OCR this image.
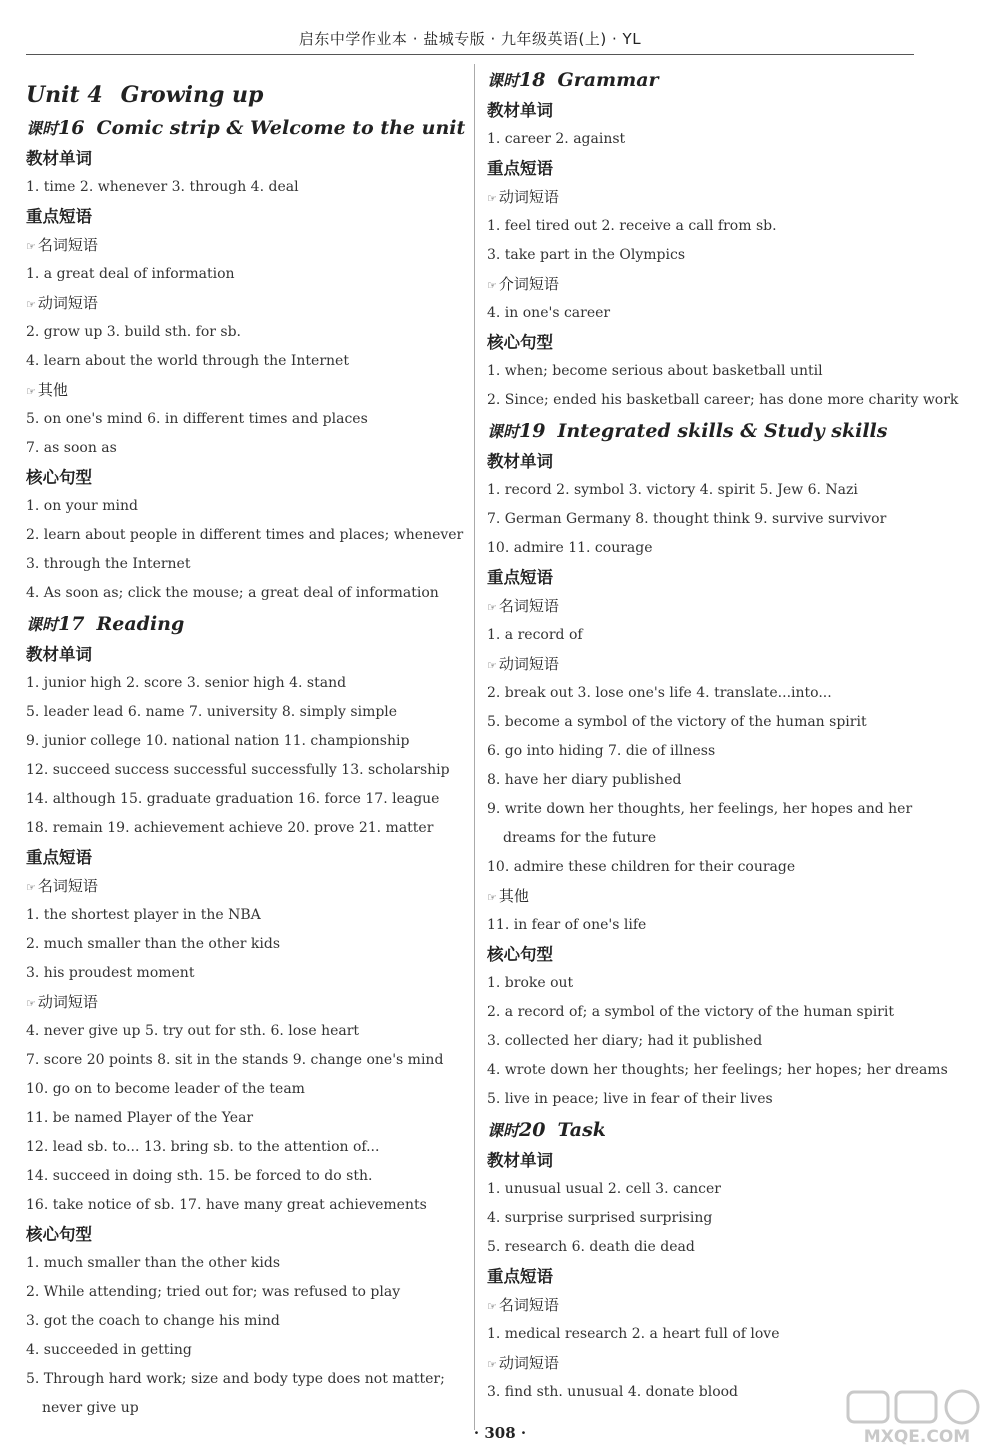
启东中学作业本 · 盐城专版 · 九年级英语(上) · YL
Unit 4 Growing up
课时16 Comic strip & Welcome to the unit
教材单词
1. time 2. whenever 3. through 4. deal
重点短语
☞ 名词短语
1. a great deal of information
☞ 动词短语
2. grow up 3. build sth. for sb.
4. learn about the world through the Internet
☞ 其他
5. on one's mind 6. in different times and places
7. as soon as
核心句型
1. on your mind
2. learn about people in different times and places; whenever
3. through the Internet
4. As soon as; click the mouse; a great deal of information
课时17 Reading
教材单词
1. junior high 2. score 3. senior high 4. stand
5. leader lead 6. name 7. university 8. simply simple
9. junior college 10. national nation 11. championship
12. succeed success successful successfully 13. scholarship
14. although 15. graduate graduation 16. force 17. league
18. remain 19. achievement achieve 20. prove 21. matter
重点短语
☞ 名词短语
1. the shortest player in the NBA
2. much smaller than the other kids
3. his proudest moment
☞ 动词短语
4. never give up 5. try out for sth. 6. lose heart
7. score 20 points 8. sit in the stands 9. change one's mind
10. go on to become leader of the team
11. be named Player of the Year
12. lead sb. to... 13. bring sb. to the attention of...
14. succeed in doing sth. 15. be forced to do sth.
16. take notice of sb. 17. have many great achievements
核心句型
1. much smaller than the other kids
2. While attending; tried out for; was refused to play
3. got the coach to change his mind
4. succeeded in getting
5. Through hard work; size and body type does not matter;
never give up
课时18 Grammar
教材单词
1. career 2. against
重点短语
☞ 动词短语
1. feel tired out 2. receive a call from sb.
3. take part in the Olympics
☞ 介词短语
4. in one's career
核心句型
1. when; become serious about basketball until
2. Since; ended his basketball career; has done more charity work
课时19 Integrated skills & Study skills
教材单词
1. record 2. symbol 3. victory 4. spirit 5. Jew 6. Nazi
7. German Germany 8. thought think 9. survive survivor
10. admire 11. courage
重点短语
☞ 名词短语
1. a record of
☞ 动词短语
2. break out 3. lose one's life 4. translate...into...
5. become a symbol of the victory of the human spirit
6. go into hiding 7. die of illness
8. have her diary published
9. write down her thoughts, her feelings, her hopes and her
dreams for the future
10. admire these children for their courage
☞ 其他
11. in fear of one's life
核心句型
1. broke out
2. a record of; a symbol of the victory of the human spirit
3. collected her diary; had it published
4. wrote down her thoughts; her feelings; her hopes; her dreams
5. live in peace; live in fear of their lives
课时20 Task
教材单词
1. unusual usual 2. cell 3. cancer
4. surprise surprised surprising
5. research 6. death die dead
重点短语
☞ 名词短语
1. medical research 2. a heart full of love
☞ 动词短语
3. find sth. unusual 4. donate blood
· 308 ·	MXQE.COM
